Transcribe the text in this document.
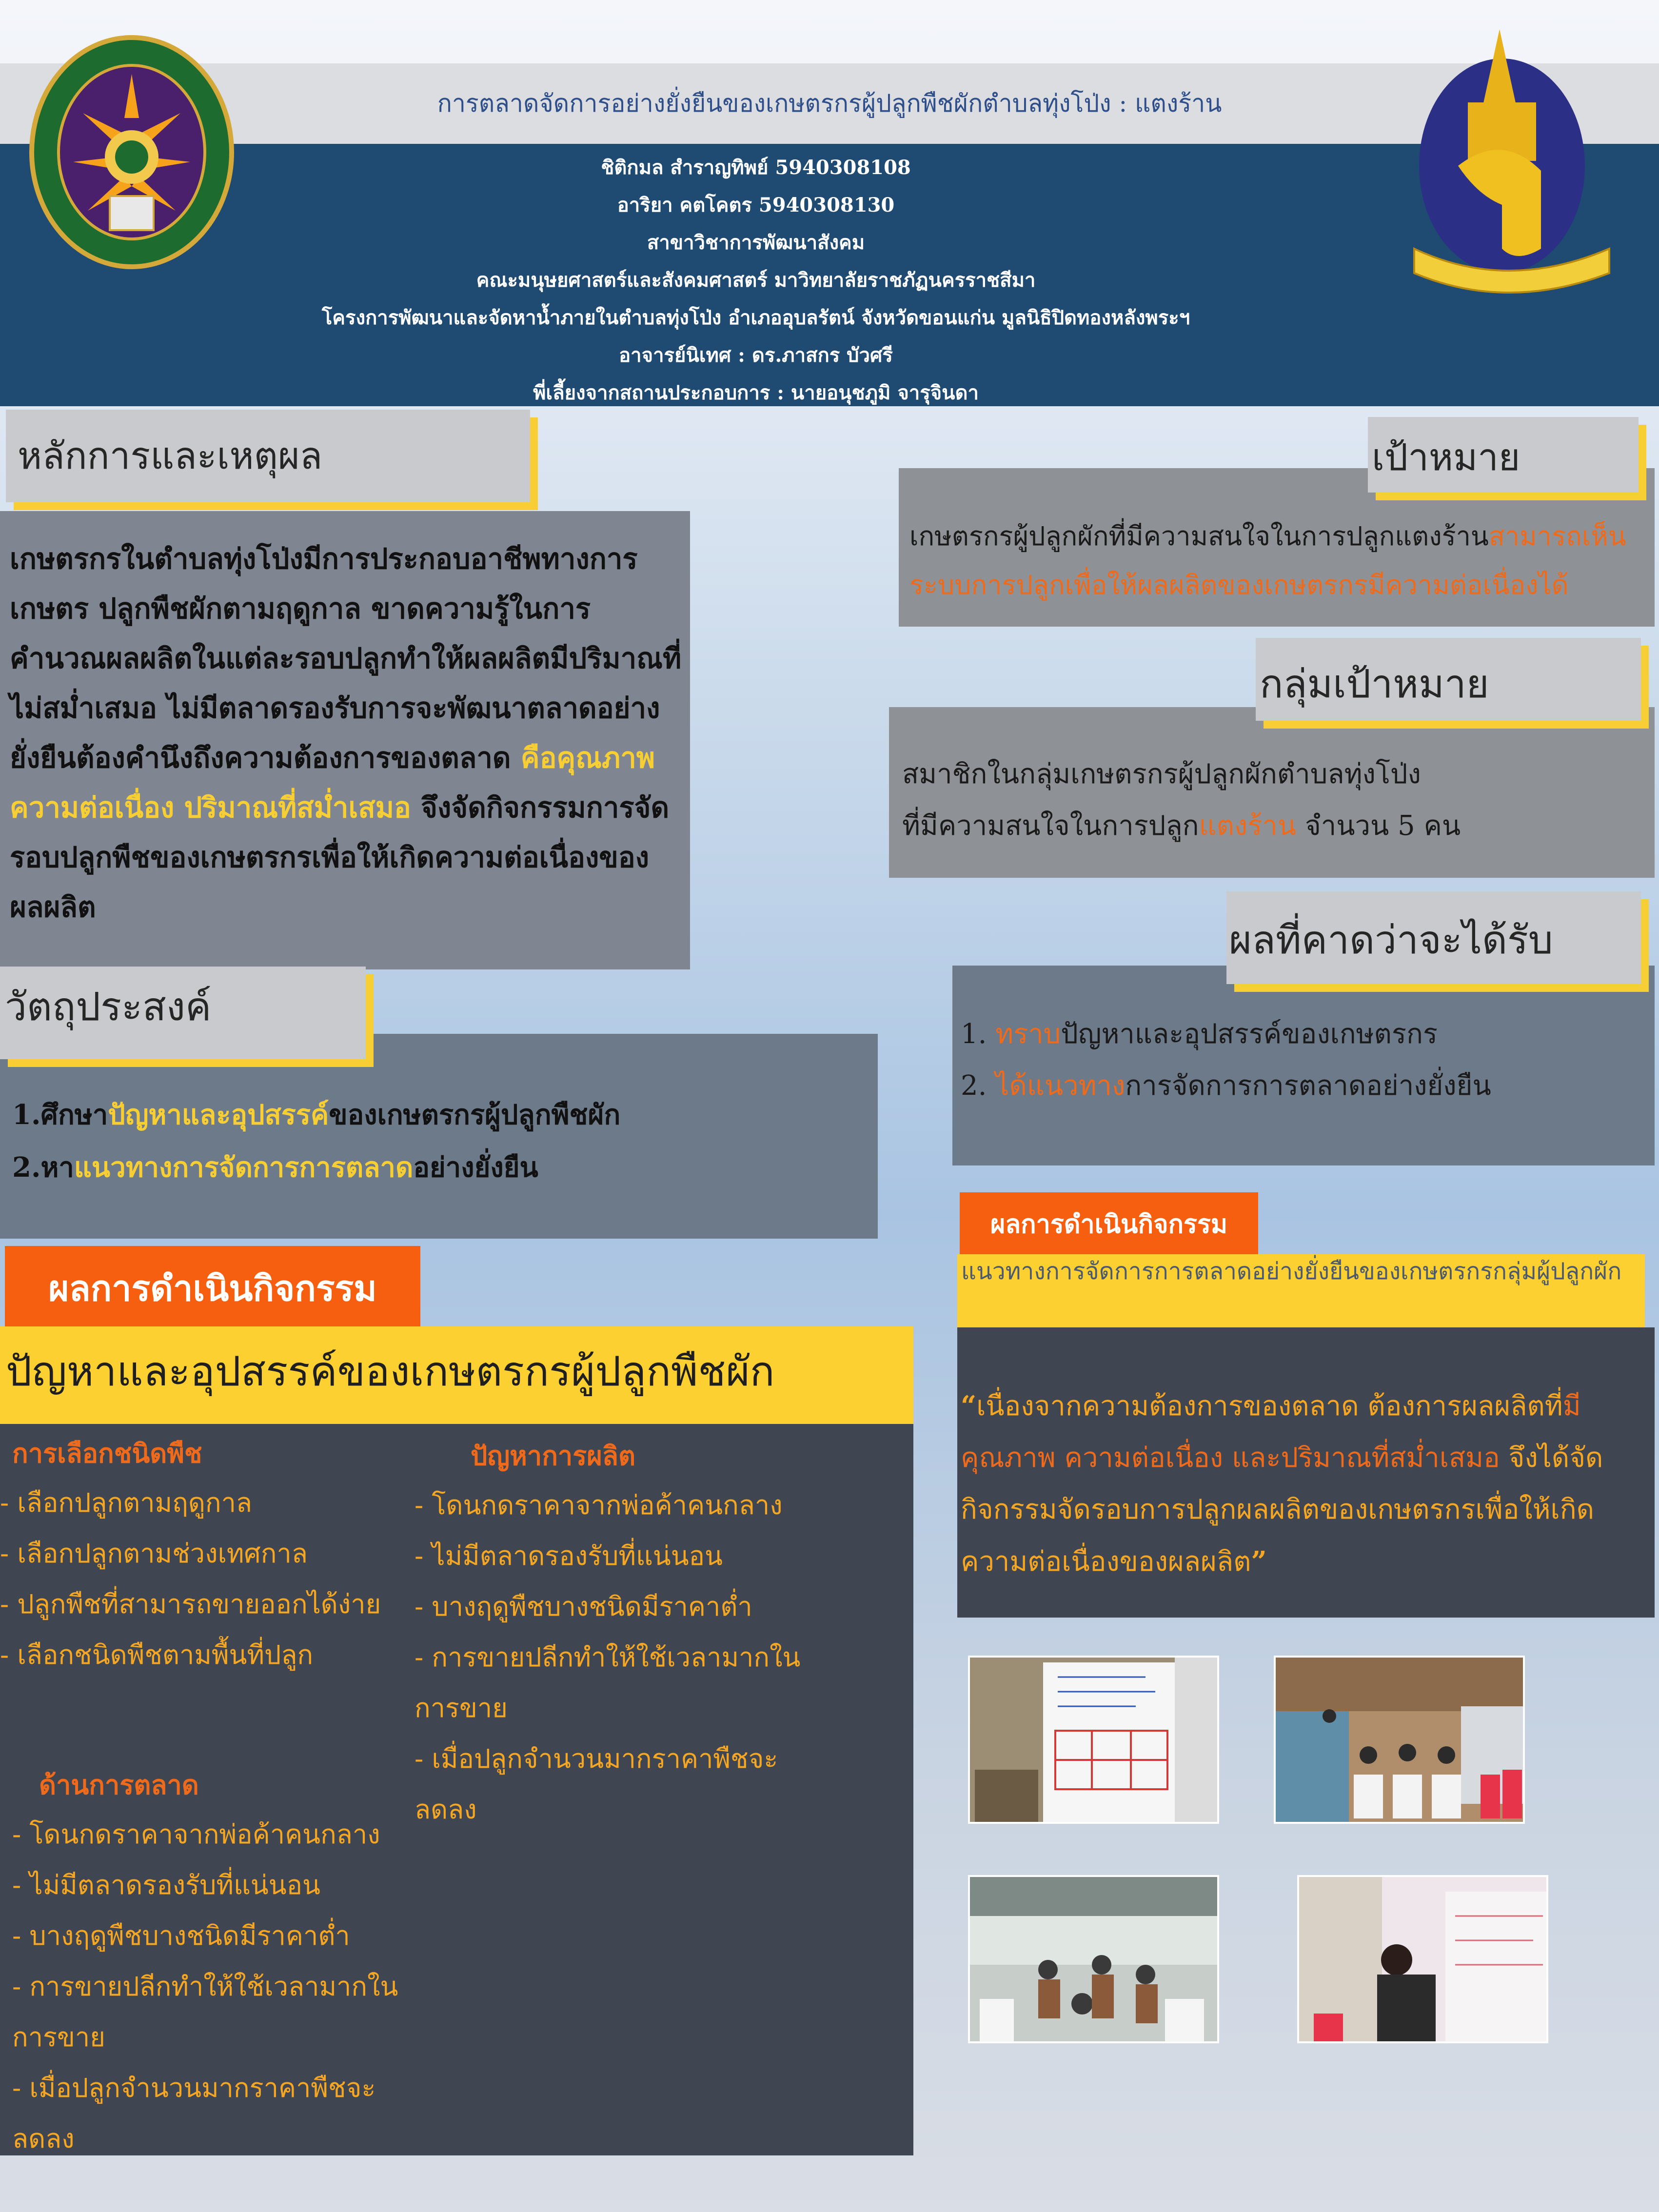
การตลาดจัดการอย่างยั่งยืนของเกษตรกรผู้ปลูกพืชผักตำบลทุ่งโป่ง : แตงร้าน
ชิติกมล สำราญทิพย์ 5940308108
อาริยา คตโคตร 5940308130
สาขาวิชาการพัฒนาสังคม
คณะมนุษยศาสตร์และสังคมศาสตร์ มาวิทยาลัยราชภัฏนครราชสีมา
โครงการพัฒนาและจัดหาน้ำภายในตำบลทุ่งโป่ง อำเภออุบลรัตน์ จังหวัดขอนแก่น มูลนิธิปิดทองหลังพระฯ
อาจารย์นิเทศ : ดร.ภาสกร บัวศรี
พี่เลี้ยงจากสถานประกอบการ : นายอนุชภูมิ จารุจินดา
หลักการและเหตุผล
เกษตรกรในตำบลทุ่งโป่งมีการประกอบอาชีพทางการเกษตร ปลูกพืชผักตามฤดูกาล ขาดความรู้ในการคำนวณผลผลิตในแต่ละรอบปลูกทำให้ผลผลิตมีปริมาณที่ไม่สม่ำเสมอ ไม่มีตลาดรองรับการจะพัฒนาตลาดอย่างยั่งยืนต้องคำนึงถึงความต้องการของตลาด คือคุณภาพ ความต่อเนื่อง ปริมาณที่สม่ำเสมอ จึงจัดกิจกรรมการจัดรอบปลูกพืชของเกษตรกรเพื่อให้เกิดความต่อเนื่องของผลผลิต
วัตถุประสงค์
1.ศึกษาปัญหาและอุปสรรค์ของเกษตรกรผู้ปลูกพืชผัก
2.หาแนวทางการจัดการการตลาดอย่างยั่งยืน
เป้าหมาย
เกษตรกรผู้ปลูกผักที่มีความสนใจในการปลูกแตงร้านสามารถเห็นระบบการปลูกเพื่อให้ผลผลิตของเกษตรกรมีความต่อเนื่องได้
กลุ่มเป้าหมาย
สมาชิกในกลุ่มเกษตรกรผู้ปลูกผักตำบลทุ่งโป่ง
ที่มีความสนใจในการปลูกแตงร้าน จำนวน 5 คน
ผลที่คาดว่าจะได้รับ
1. ทราบปัญหาและอุปสรรค์ของเกษตรกร
2. ได้แนวทางการจัดการการตลาดอย่างยั่งยืน
ผลการดำเนินกิจกรรม
ปัญหาและอุปสรรค์ของเกษตรกรผู้ปลูกพืชผัก
การเลือกชนิดพืช
- เลือกปลูกตามฤดูกาล
- เลือกปลูกตามช่วงเทศกาล
- ปลูกพืชที่สามารถขายออกได้ง่าย
- เลือกชนิดพืชตามพื้นที่ปลูก
ปัญหาการผลิต
- โดนกดราคาจากพ่อค้าคนกลาง
- ไม่มีตลาดรองรับที่แน่นอน
- บางฤดูพืชบางชนิดมีราคาต่ำ
- การขายปลีกทำให้ใช้เวลามากในการขาย
- เมื่อปลูกจำนวนมากราคาพืชจะลดลง
ด้านการตลาด
- โดนกดราคาจากพ่อค้าคนกลาง
- ไม่มีตลาดรองรับที่แน่นอน
- บางฤดูพืชบางชนิดมีราคาต่ำ
- การขายปลีกทำให้ใช้เวลามากในการขาย
- เมื่อปลูกจำนวนมากราคาพืชจะลดลง
ผลการดำเนินกิจกรรม
แนวทางการจัดการการตลาดอย่างยั่งยืนของเกษตรกรกลุ่มผู้ปลูกผัก
“เนื่องจากความต้องการของตลาด ต้องการผลผลิตที่มีคุณภาพ ความต่อเนื่อง และปริมาณที่สม่ำเสมอ จึงได้จัดกิจกรรมจัดรอบการปลูกผลผลิตของเกษตรกรเพื่อให้เกิดความต่อเนื่องของผลผลิต”
